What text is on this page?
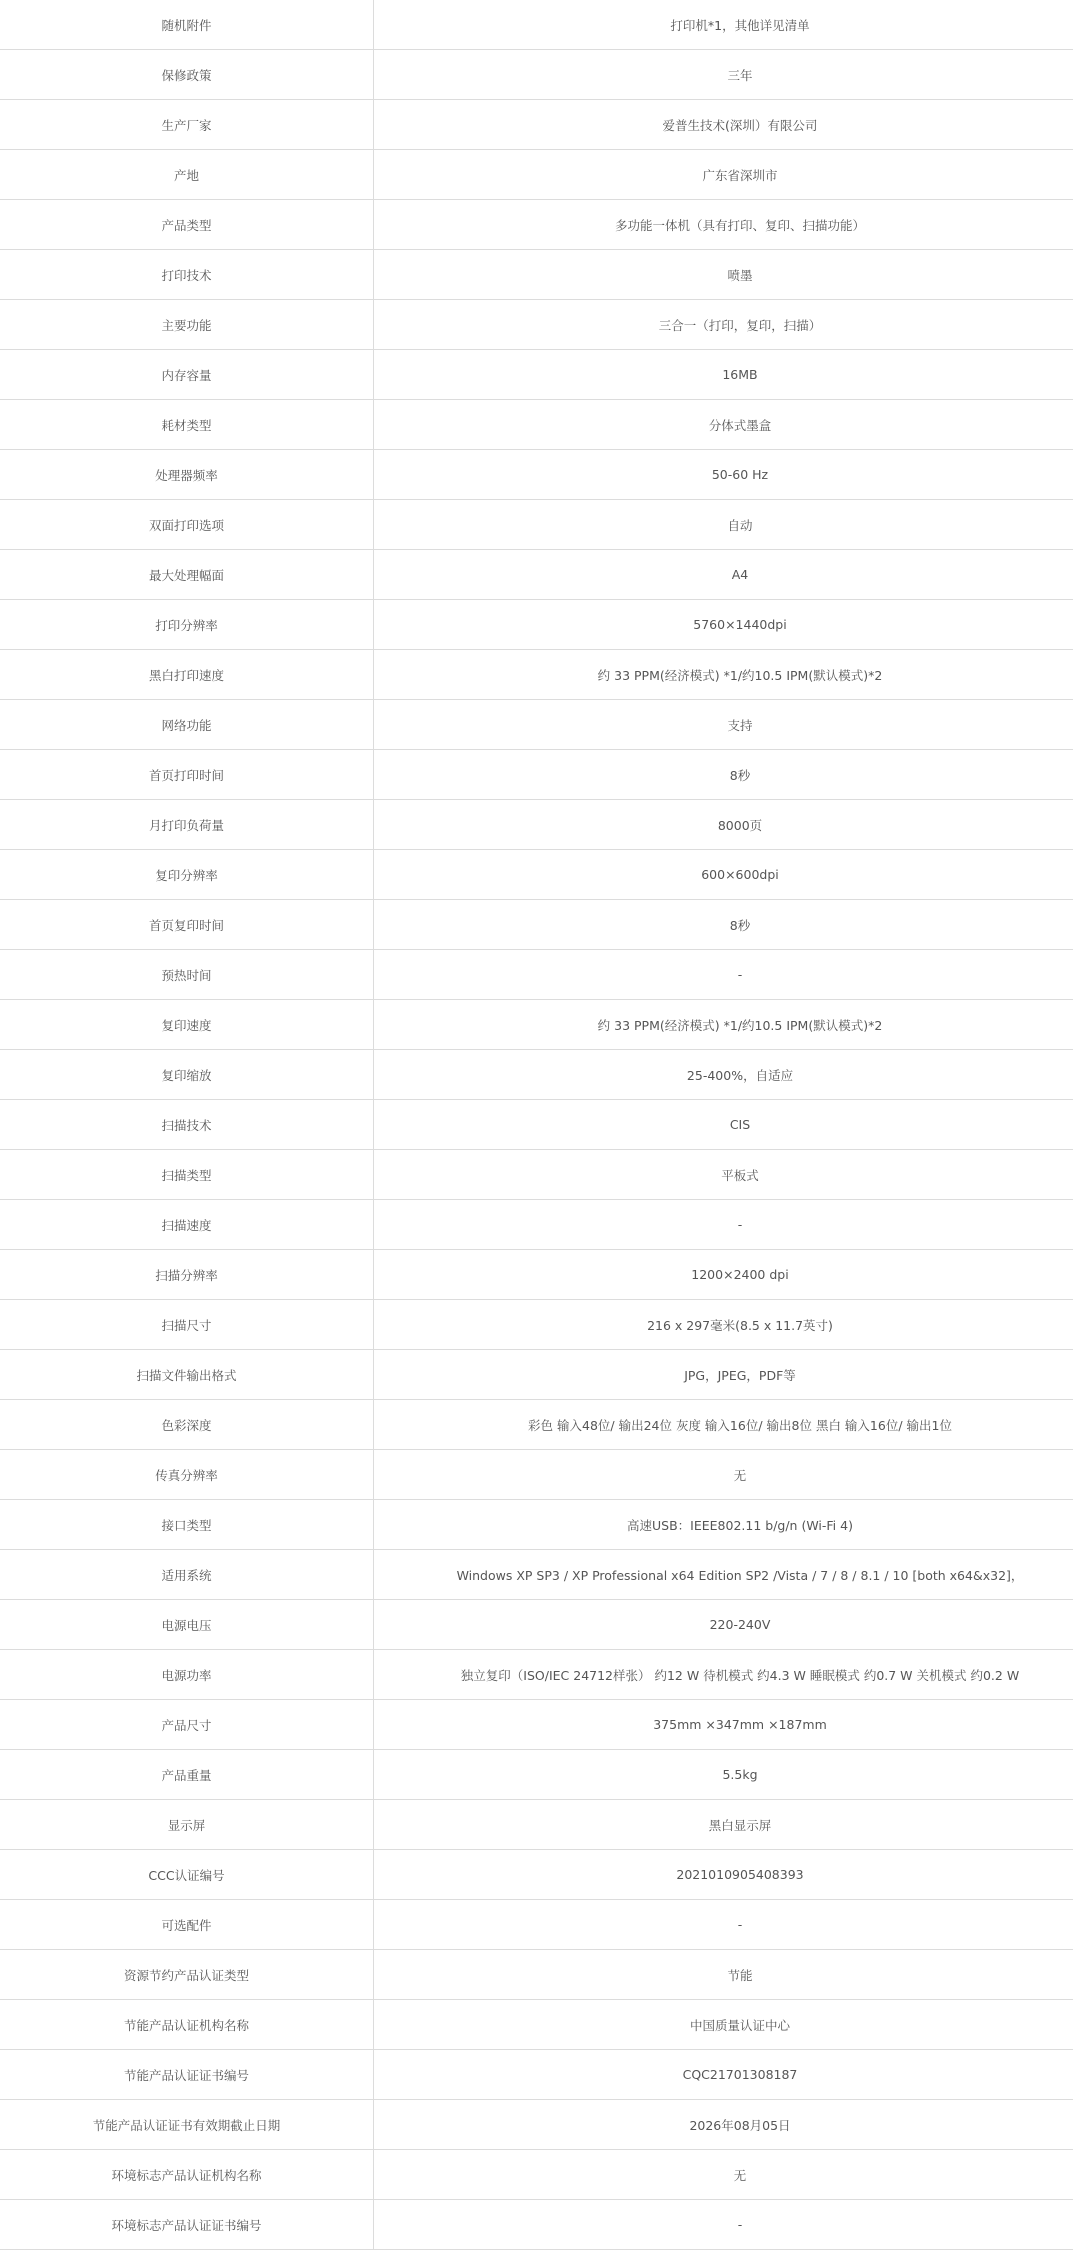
随机附件	打印机*1，其他详见清单
保修政策	三年
生产厂家	爱普生技术(深圳）有限公司
产地	广东省深圳市
产品类型	多功能一体机（具有打印、复印、扫描功能）
打印技术	喷墨
主要功能	三合一（打印，复印，扫描）
内存容量	16MB
耗材类型	分体式墨盒
处理器频率	50-60 Hz
双面打印选项	自动
最大处理幅面	A4
打印分辨率	5760×1440dpi
黑白打印速度	约 33 PPM(经济模式) *1/约10.5 IPM(默认模式)*2
网络功能	支持
首页打印时间	8秒
月打印负荷量	8000页
复印分辨率	600×600dpi
首页复印时间	8秒
预热时间	-
复印速度	约 33 PPM(经济模式) *1/约10.5 IPM(默认模式)*2
复印缩放	25-400%，自适应
扫描技术	CIS
扫描类型	平板式
扫描速度	-
扫描分辨率	1200×2400 dpi
扫描尺寸	216 x 297毫米(8.5 x 11.7英寸)
扫描文件输出格式	JPG，JPEG，PDF等
色彩深度	彩色 输入48位/ 输出24位 灰度 输入16位/ 输出8位 黑白 输入16位/ 输出1位
传真分辨率	无
接口类型	高速USB：IEEE802.11 b/g/n (Wi-Fi 4)
适用系统	Windows XP SP3 / XP Professional x64 Edition SP2 /Vista / 7 / 8 / 8.1 / 10 [both x64&x32]，
电源电压	220-240V
电源功率	独立复印（ISO/IEC 24712样张） 约12 W 待机模式 约4.3 W 睡眠模式 约0.7 W 关机模式 约0.2 W
产品尺寸	375mm ×347mm ×187mm
产品重量	5.5kg
显示屏	黑白显示屏
CCC认证编号	2021010905408393
可选配件	-
资源节约产品认证类型	节能
节能产品认证机构名称	中国质量认证中心
节能产品认证证书编号	CQC21701308187
节能产品认证证书有效期截止日期	2026年08月05日
环境标志产品认证机构名称	无
环境标志产品认证证书编号	-
